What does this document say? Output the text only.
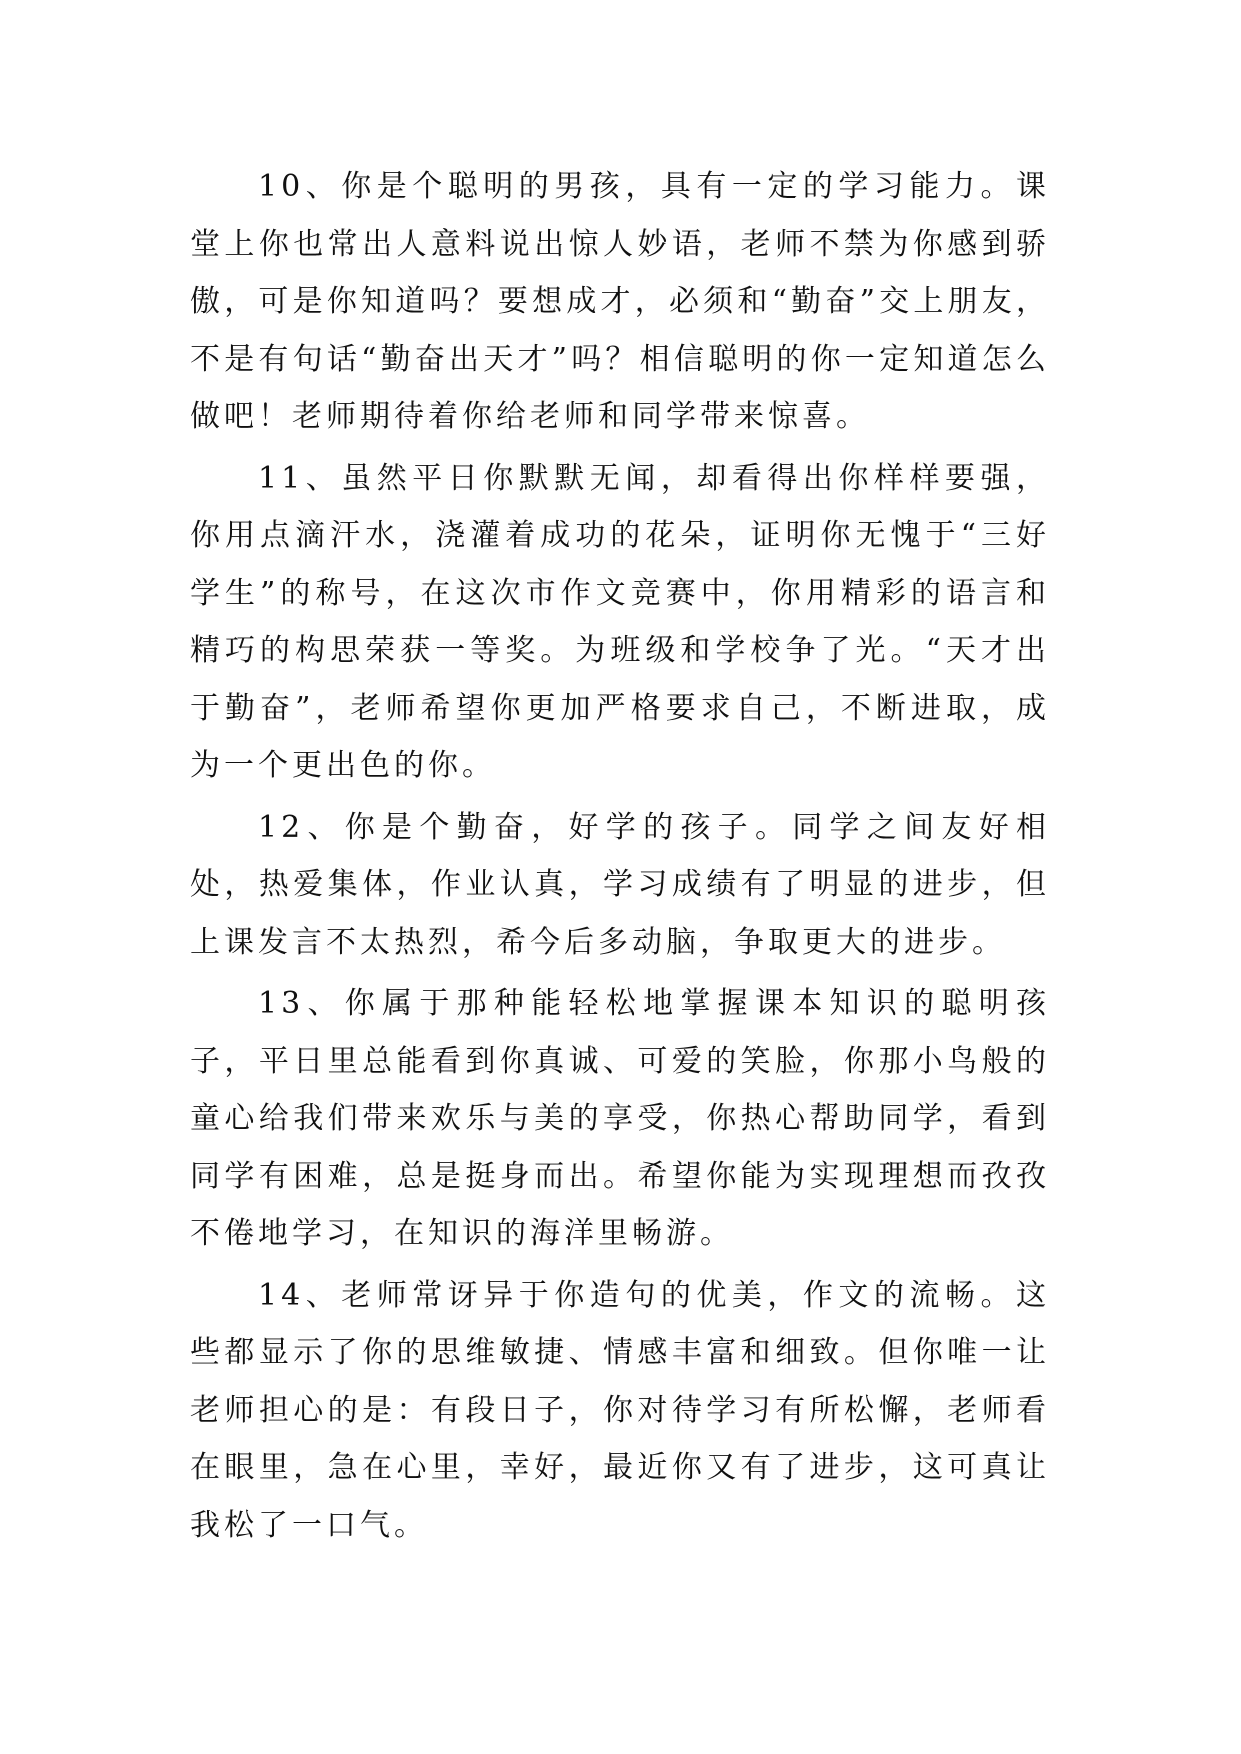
10、你是个聪明的男孩，具有一定的学习能力。课堂上你也常出人意料说出惊人妙语，老师不禁为你感到骄傲，可是你知道吗？要想成才，必须和“勤奋”交上朋友，不是有句话“勤奋出天才”吗？相信聪明的你一定知道怎么做吧！老师期待着你给老师和同学带来惊喜。

11、虽然平日你默默无闻，却看得出你样样要强，你用点滴汗水，浇灌着成功的花朵，证明你无愧于“三好学生”的称号，在这次市作文竞赛中，你用精彩的语言和精巧的构思荣获一等奖。为班级和学校争了光。“天才出于勤奋”，老师希望你更加严格要求自己，不断进取，成为一个更出色的你。

12、你是个勤奋，好学的孩子。同学之间友好相处，热爱集体，作业认真，学习成绩有了明显的进步，但上课发言不太热烈，希今后多动脑，争取更大的进步。

13、你属于那种能轻松地掌握课本知识的聪明孩子，平日里总能看到你真诚、可爱的笑脸，你那小鸟般的童心给我们带来欢乐与美的享受，你热心帮助同学，看到同学有困难，总是挺身而出。希望你能为实现理想而孜孜不倦地学习，在知识的海洋里畅游。

14、老师常讶异于你造句的优美，作文的流畅。这些都显示了你的思维敏捷、情感丰富和细致。但你唯一让老师担心的是：有段日子，你对待学习有所松懈，老师看在眼里，急在心里，幸好，最近你又有了进步，这可真让我松了一口气。
